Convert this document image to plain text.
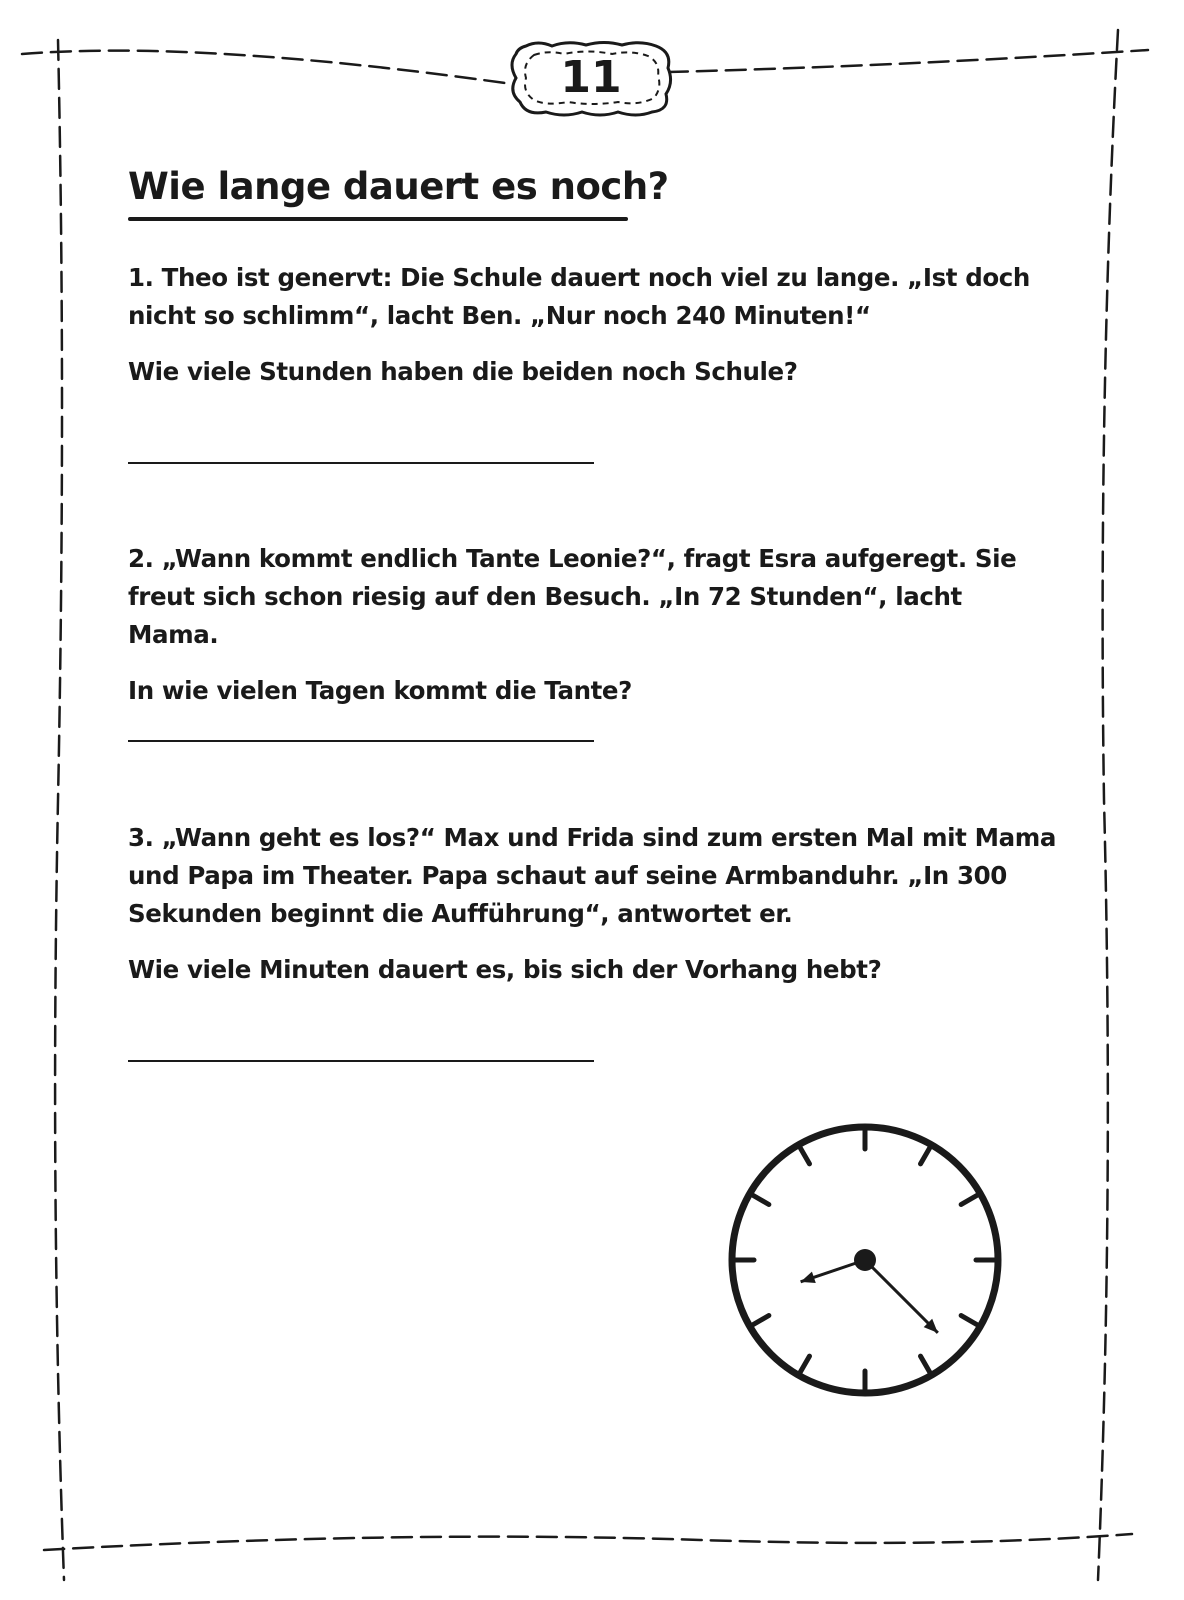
11
Wie lange dauert es noch?

1. Theo ist genervt: Die Schule dauert noch viel zu lange. „Ist doch nicht so schlimm“, lacht Ben. „Nur noch 240 Minuten!“

Wie viele Stunden haben die beiden noch Schule?

2. „Wann kommt endlich Tante Leonie?“, fragt Esra aufgeregt. Sie freut sich schon riesig auf den Besuch. „In 72 Stunden“, lacht Mama.

In wie vielen Tagen kommt die Tante?

3. „Wann geht es los?“ Max und Frida sind zum ersten Mal mit Mama und Papa im Theater. Papa schaut auf seine Armbanduhr. „In 300 Sekunden beginnt die Aufführung“, antwortet er.

Wie viele Minuten dauert es, bis sich der Vorhang hebt?
